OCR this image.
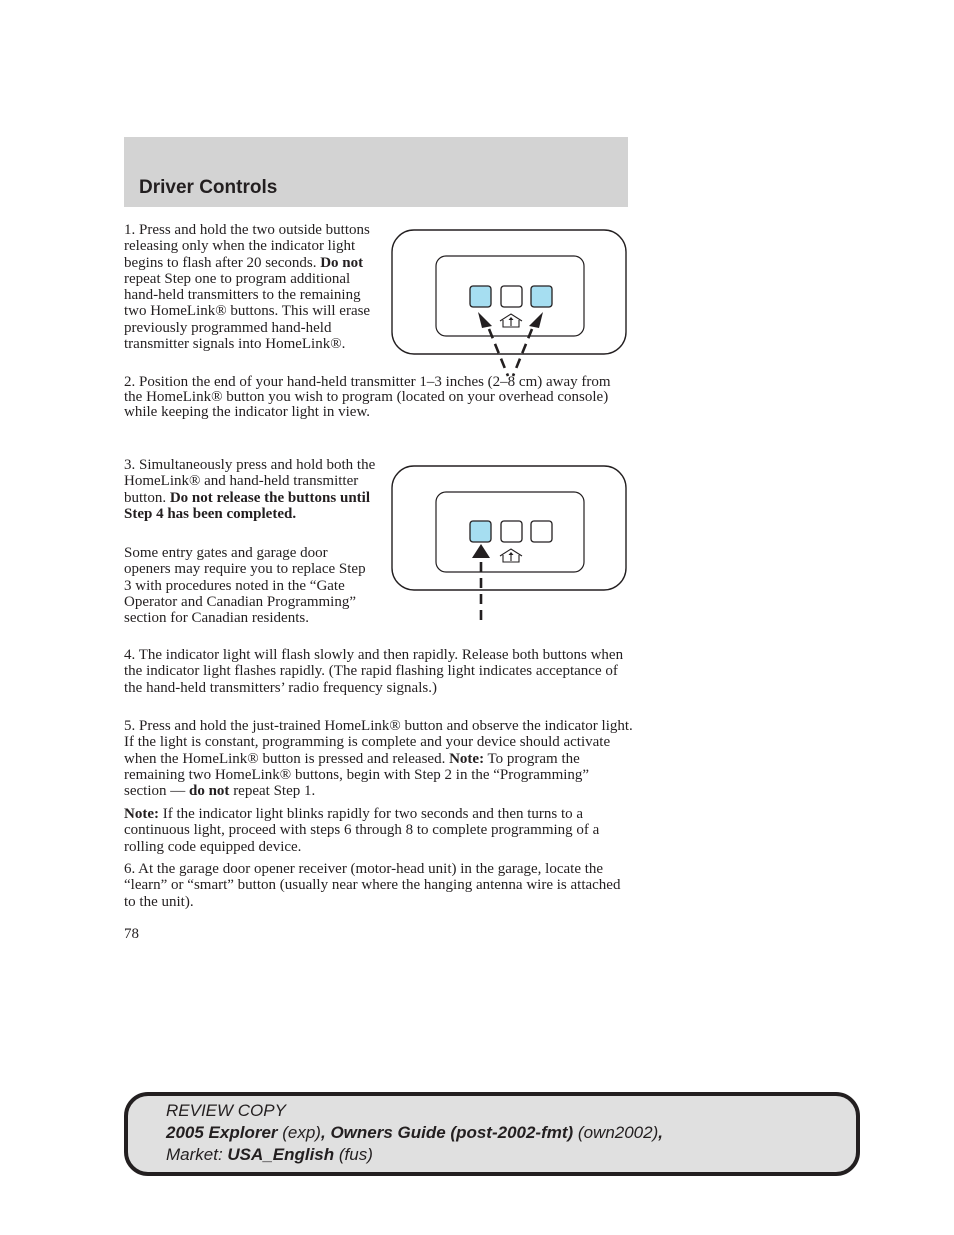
Driver Controls

1. Press and hold the two outside buttons releasing only when the indicator light begins to flash after 20 seconds. Do not repeat Step one to program additional hand-held transmitters to the remaining two HomeLink® buttons. This will erase previously programmed hand-held transmitter signals into HomeLink®.

2. Position the end of your hand-held transmitter 1–3 inches (2–8 cm) away from the HomeLink® button you wish to program (located on your overhead console) while keeping the indicator light in view.

3. Simultaneously press and hold both the HomeLink® and hand-held transmitter button. Do not release the buttons until Step 4 has been completed.

Some entry gates and garage door openers may require you to replace Step 3 with procedures noted in the “Gate Operator and Canadian Programming” section for Canadian residents.

4. The indicator light will flash slowly and then rapidly. Release both buttons when the indicator light flashes rapidly. (The rapid flashing light indicates acceptance of the hand-held transmitters’ radio frequency signals.)

5. Press and hold the just-trained HomeLink® button and observe the indicator light. If the light is constant, programming is complete and your device should activate when the HomeLink® button is pressed and released. Note: To program the remaining two HomeLink® buttons, begin with Step 2 in the “Programming” section — do not repeat Step 1.

Note: If the indicator light blinks rapidly for two seconds and then turns to a continuous light, proceed with steps 6 through 8 to complete programming of a rolling code equipped device.

6. At the garage door opener receiver (motor-head unit) in the garage, locate the “learn” or “smart” button (usually near where the hanging antenna wire is attached to the unit).

78

REVIEW COPY
2005 Explorer (exp), Owners Guide (post-2002-fmt) (own2002),
Market: USA_English (fus)
